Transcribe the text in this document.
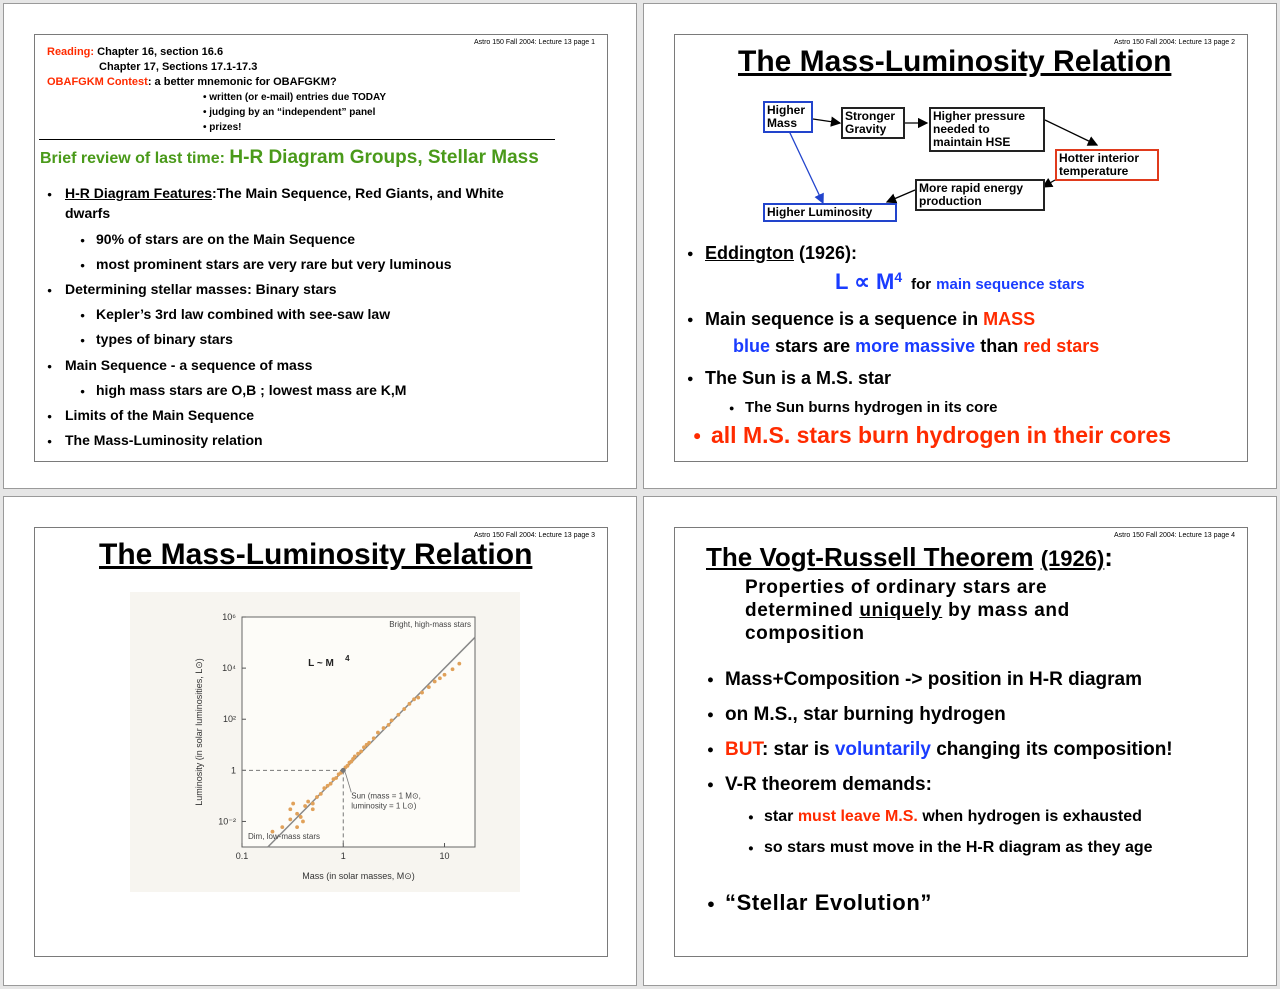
Astro 150 Fall 2004: Lecture 13 page 1
Reading: Chapter 16, section 16.6
Chapter 17, Sections 17.1-17.3
OBAFGKM Contest: a better mnemonic for OBAFGKM?
• written (or e-mail) entries due TODAY
• judging by an “independent” panel
• prizes!
Brief review of last time: H-R Diagram Groups, Stellar Mass
● H-R Diagram Features:The Main Sequence, Red Giants, and White
dwarfs
● 90% of stars are on the Main Sequence
● most prominent stars are very rare but very luminous
● Determining stellar masses: Binary stars
● Kepler’s 3rd law combined with see-saw law
● types of binary stars
● Main Sequence - a sequence of mass
● high mass stars are O,B ; lowest mass are K,M
● Limits of the Main Sequence
● The Mass-Luminosity relation
Astro 150 Fall 2004: Lecture 13 page 2
The Mass-Luminosity Relation
Higher
Mass	Stronger
Gravity
Higher pressure
needed to
maintain HSE
Hotter interior
temperature
More rapid energy
production
Higher Luminosity
● Eddington (1926):
$L \propto M^4$ for main sequence stars
● Main sequence is a sequence in MASS
blue stars are more massive than red stars
● The Sun is a M.S. star
● The Sun burns hydrogen in its core
● all M.S. stars burn hydrogen in their cores
Astro 150 Fall 2004: Lecture 13 page 3
The Mass-Luminosity Relation
0.1	1	10
10⁻²
1
10²
10⁴
10⁶
L ~ M 4
Bright, high-mass stars
Dim, low-mass stars
Sun (mass = 1 M⊙,
luminosity = 1 L⊙)
Mass (in solar masses, M⊙)
Luminosity (in solar luminosities, L⊙)
Astro 150 Fall 2004: Lecture 13 page 4
The Vogt-Russell Theorem (1926):
Properties of ordinary stars are
determined uniquely by mass and
composition
● Mass+Composition -> position in H-R diagram
● on M.S., star burning hydrogen
● BUT: star is voluntarily changing its composition!
● V-R theorem demands:
● star must leave M.S. when hydrogen is exhausted
● so stars must move in the H-R diagram as they age
● “Stellar Evolution”
